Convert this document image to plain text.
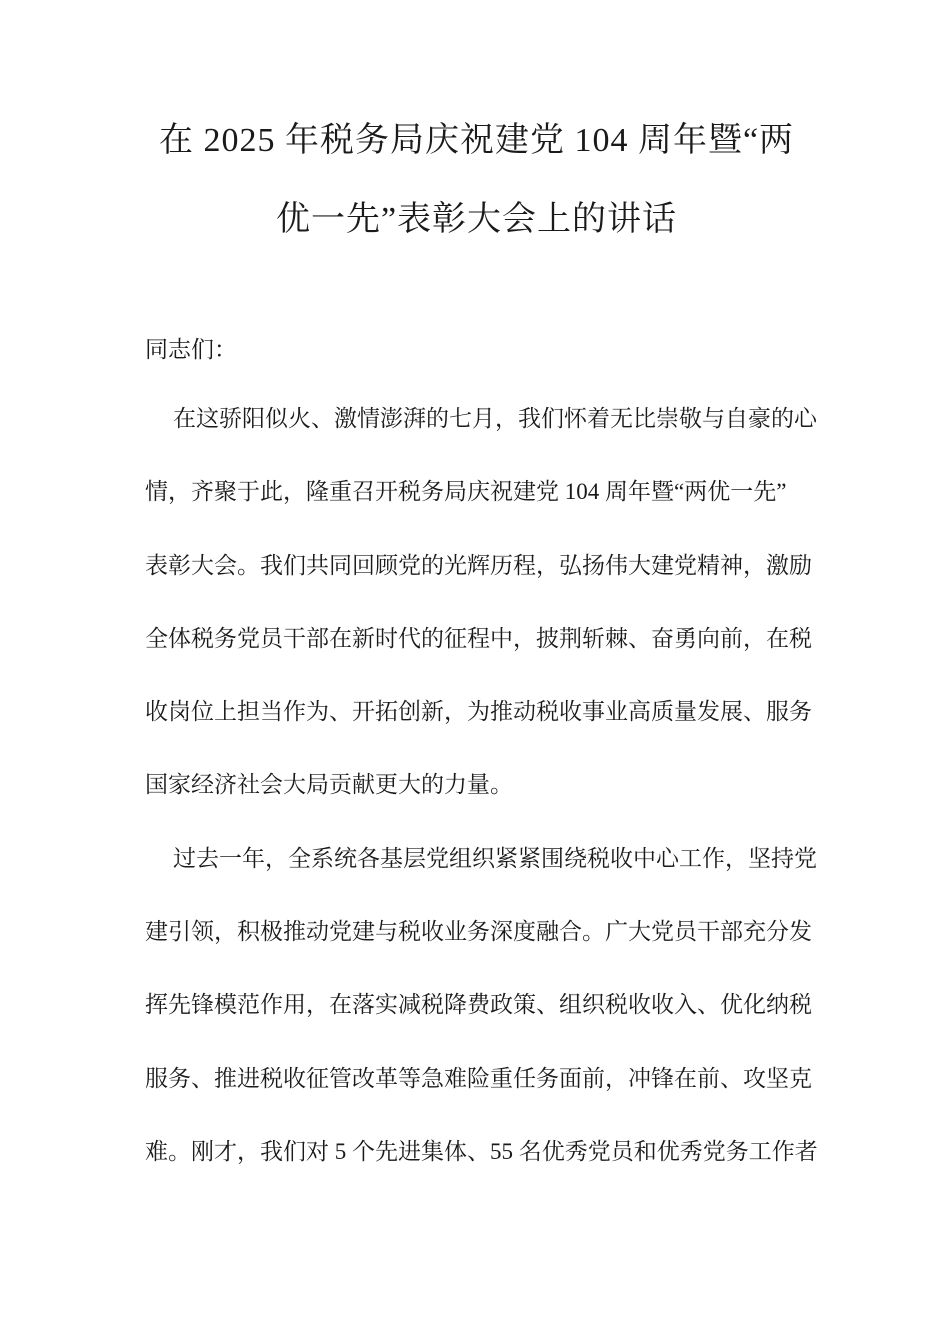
在 2025 年税务局庆祝建党 104 周年暨“两
优一先”表彰大会上的讲话
同志们：
在这骄阳似火、激情澎湃的七月，我们怀着无比崇敬与自豪的心
情，齐聚于此，隆重召开税务局庆祝建党 104 周年暨“两优一先”
表彰大会。我们共同回顾党的光辉历程，弘扬伟大建党精神，激励
全体税务党员干部在新时代的征程中，披荆斩棘、奋勇向前，在税
收岗位上担当作为、开拓创新，为推动税收事业高质量发展、服务
国家经济社会大局贡献更大的力量。
过去一年，全系统各基层党组织紧紧围绕税收中心工作，坚持党
建引领，积极推动党建与税收业务深度融合。广大党员干部充分发
挥先锋模范作用，在落实减税降费政策、组织税收收入、优化纳税
服务、推进税收征管改革等急难险重任务面前，冲锋在前、攻坚克
难。刚才，我们对 5 个先进集体、55 名优秀党员和优秀党务工作者
